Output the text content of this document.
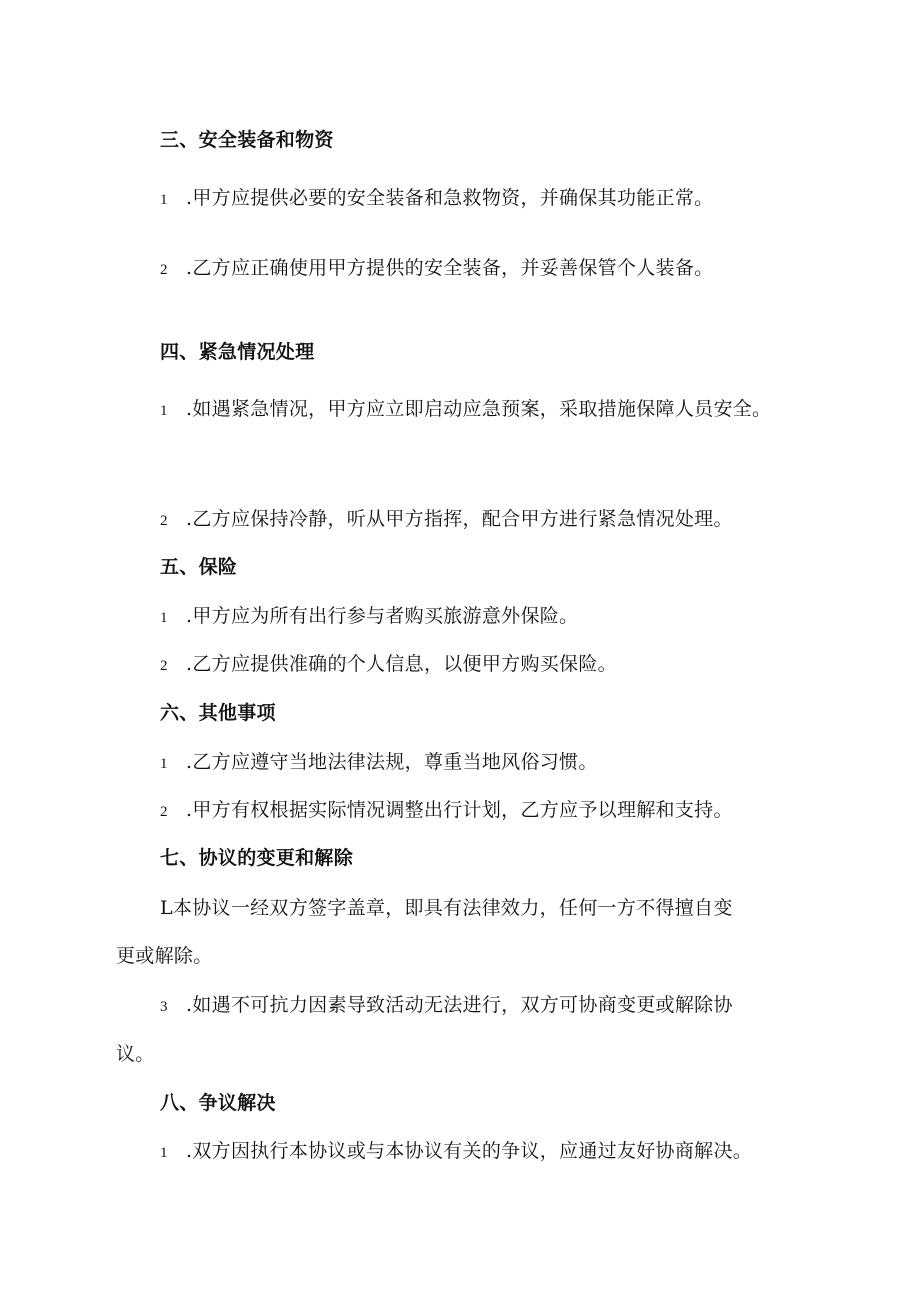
三、安全装备和物资
1 .甲方应提供必要的安全装备和急救物资，并确保其功能正常。
2 .乙方应正确使用甲方提供的安全装备，并妥善保管个人装备。
四、紧急情况处理
1 .如遇紧急情况，甲方应立即启动应急预案，采取措施保障人员安全。
2 .乙方应保持冷静，听从甲方指挥，配合甲方进行紧急情况处理。
五、保险
1 .甲方应为所有出行参与者购买旅游意外保险。
2 .乙方应提供准确的个人信息，以便甲方购买保险。
六、其他事项
1 .乙方应遵守当地法律法规，尊重当地风俗习惯。
2 .甲方有权根据实际情况调整出行计划，乙方应予以理解和支持。
七、协议的变更和解除
L本协议一经双方签字盖章，即具有法律效力，任何一方不得擅自变
更或解除。
3 .如遇不可抗力因素导致活动无法进行，双方可协商变更或解除协
议。
八、争议解决
1 .双方因执行本协议或与本协议有关的争议，应通过友好协商解决。
